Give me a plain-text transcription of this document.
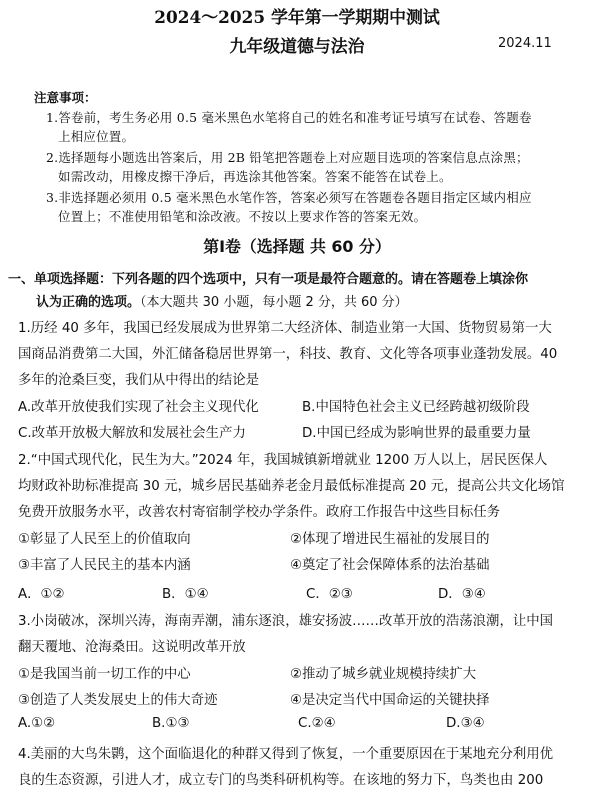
2024～2025 学年第一学期期中测试
九年级道德与法治	2024.11
注意事项：
1.答卷前，考生务必用 0.5 毫米黑色水笔将自己的姓名和准考证号填写在试卷、答题卷
上相应位置。
2.选择题每小题选出答案后，用 2B 铅笔把答题卷上对应题目选项的答案信息点涂黑；
如需改动，用橡皮擦干净后，再选涂其他答案。答案不能答在试卷上。
3.非选择题必须用 0.5 毫米黑色水笔作答，答案必须写在答题卷各题目指定区域内相应
位置上；不准使用铅笔和涂改液。不按以上要求作答的答案无效。
第Ⅰ卷（选择题 共 60 分）
一、单项选择题：下列各题的四个选项中，只有一项是最符合题意的。请在答题卷上填涂你
认为正确的选项。（本大题共 30 小题，每小题 2 分，共 60 分）
1.历经 40 多年，我国已经发展成为世界第二大经济体、制造业第一大国、货物贸易第一大
国商品消费第二大国，外汇储备稳居世界第一，科技、教育、文化等各项事业蓬勃发展。40
多年的沧桑巨变，我们从中得出的结论是
A.改革开放使我们实现了社会主义现代化	B.中国特色社会主义已经跨越初级阶段
C.改革开放极大解放和发展社会生产力	D.中国已经成为影响世界的最重要力量
2.“中国式现代化，民生为大。”2024 年，我国城镇新增就业 1200 万人以上，居民医保人
均财政补助标准提高 30 元，城乡居民基础养老金月最低标准提高 20 元，提高公共文化场馆
免费开放服务水平，改善农村寄宿制学校办学条件。政府工作报告中这些目标任务
①彰显了人民至上的价值取向	②体现了增进民生福祉的发展目的
③丰富了人民民主的基本内涵	④奠定了社会保障体系的法治基础
A．①②	B．①④	C．②③	D．③④
3.小岗破冰，深圳兴涛，海南弄潮，浦东逐浪，雄安扬波……改革开放的浩荡浪潮，让中国
翻天覆地、沧海桑田。这说明改革开放
①是我国当前一切工作的中心	②推动了城乡就业规模持续扩大
③创造了人类发展史上的伟大奇迹	④是决定当代中国命运的关键抉择
A.①②	B.①③	C.②④	D.③④
4.美丽的大鸟朱鹮，这个面临退化的种群又得到了恢复，一个重要原因在于某地充分利用优
良的生态资源，引进人才，成立专门的鸟类科研机构等。在该地的努力下，鸟类也由 200
